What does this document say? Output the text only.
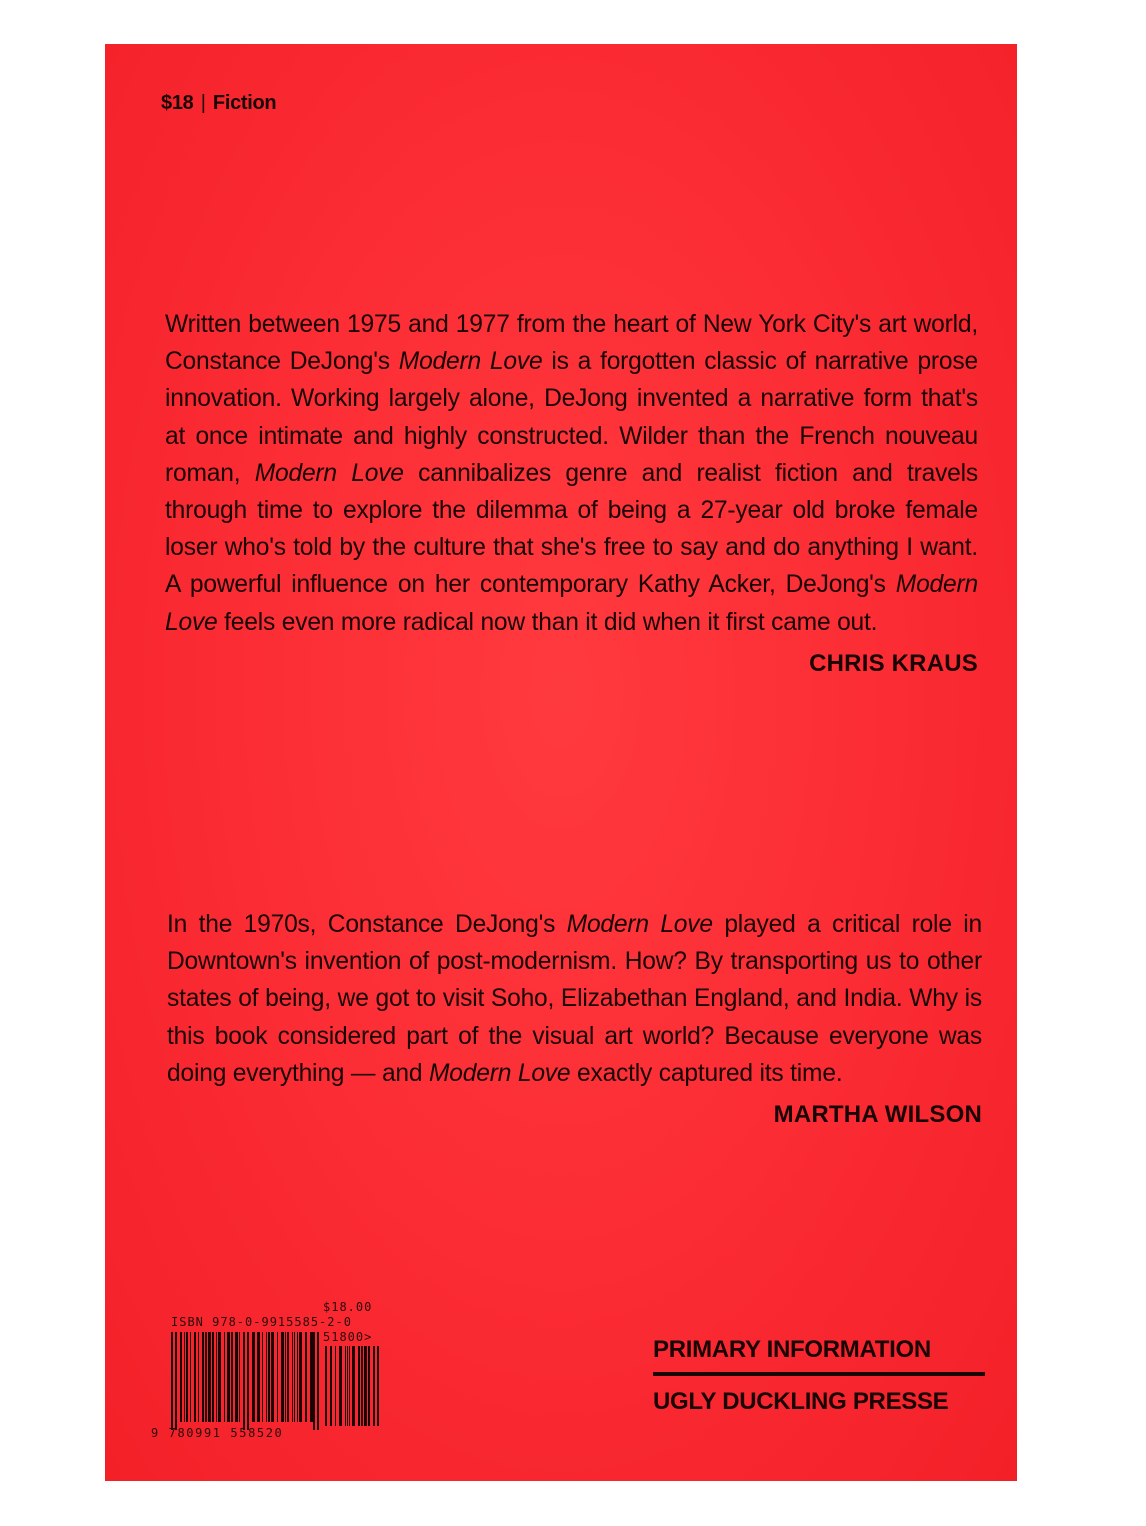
$18 | Fiction

Written between 1975 and 1977 from the heart of New York City's art world, Constance DeJong's Modern Love is a forgotten classic of narrative prose innovation. Working largely alone, DeJong invented a narrative form that's at once intimate and highly constructed. Wilder than the French nouveau roman, Modern Love cannibalizes genre and realist fiction and travels through time to explore the dilemma of being a 27-year old broke female loser who's told by the culture that she's free to say and do anything I want. A powerful influence on her contemporary Kathy Acker, DeJong's Modern Love feels even more radical now than it did when it first came out.

CHRIS KRAUS

In the 1970s, Constance DeJong's Modern Love played a critical role in Downtown's invention of post-modernism. How? By transporting us to other states of being, we got to visit Soho, Elizabethan England, and India. Why is this book considered part of the visual art world? Because everyone was doing everything — and Modern Love exactly captured its time.

MARTHA WILSON
$18.00
ISBN 978-0-9915585-2-0
51800>
9 780991 558520
PRIMARY INFORMATION
UGLY DUCKLING PRESSE
